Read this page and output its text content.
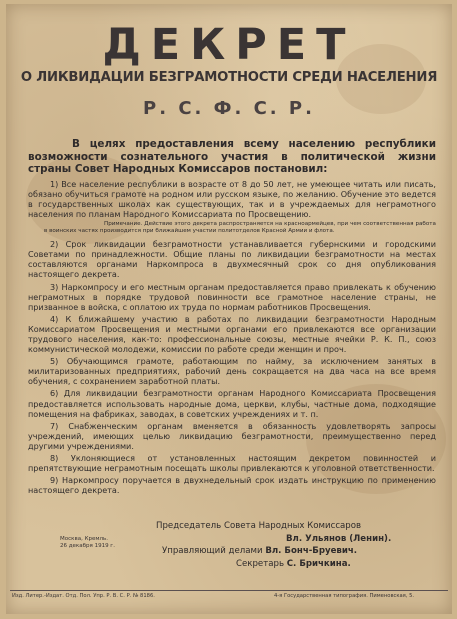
ДЕКРЕТ
О ЛИКВИДАЦИИ БЕЗГРАМОТНОСТИ СРЕДИ НАСЕЛЕНИЯ
Р. С. Ф. С. Р.

В целях предоставления всему населению республики возможности сознательного участия в политической жизни страны Совет Народных Комиссаров постановил:

1) Все население республики в возрасте от 8 до 50 лет, не умеющее читать или писать, обязано обучиться грамоте на родном или русском языке, по желанию. Обучение это ведется в государственных школах как существующих, так и в учреждаемых для неграмотного населения по планам Народного Комиссариата по Просвещению.

Примечание. Действие этого декрета распространяется на красноармейцев, при чем соответственная работа в воинских частях производится при ближайшем участии политотделов Красной Армии и флота.

2) Срок ликвидации безграмотности устанавливается губернскими и городскими Советами по принадлежности. Общие планы по ликвидации безграмотности на местах составляются органами Наркомпроса в двухмесячный срок со дня опубликования настоящего декрета.

3) Наркомпросу и его местным органам предоставляется право привлекать к обучению неграмотных в порядке трудовой повинности все грамотное население страны, не призванное в войска, с оплатою их труда по нормам работников Просвещения.

4) К ближайшему участию в работах по ликвидации безграмотности Народным Комиссариатом Просвещения и местными органами его привлекаются все организации трудового населения, как-то: профессиональные союзы, местные ячейки Р. К. П., союз коммунистической молодежи, комиссии по работе среди женщин и проч.

5) Обучающимся грамоте, работающим по найму, за исключением занятых в милитаризованных предприятиях, рабочий день сокращается на два часа на все время обучения, с сохранением заработной платы.

6) Для ликвидации безграмотности органам Народного Комиссариата Просвещения предоставляется использовать народные дома, церкви, клубы, частные дома, подходящие помещения на фабриках, заводах, в советских учреждениях и т. п.

7) Снабженческим органам вменяется в обязанность удовлетворять запросы учреждений, имеющих целью ликвидацию безграмотности, преимущественно перед другими учреждениями.

8) Уклоняющиеся от установленных настоящим декретом повинностей и препятствующие неграмотным посещать школы привлекаются к уголовной ответственности.

9) Наркомпросу поручается в двухнедельный срок издать инструкцию по применению настоящего декрета.

Москва, Кремль.
26 декабря 1919 г.
Председатель Совета Народных Комиссаров
Вл. Ульянов (Ленин).
Управляющий делами Вл. Бонч-Бруевич.
Секретарь С. Бричкина.
Изд. Литер.-Издат. Отд. Пол. Упр. Р. В. С. Р. № 8186.	4-я Государственная типография. Пименовская, 5.
